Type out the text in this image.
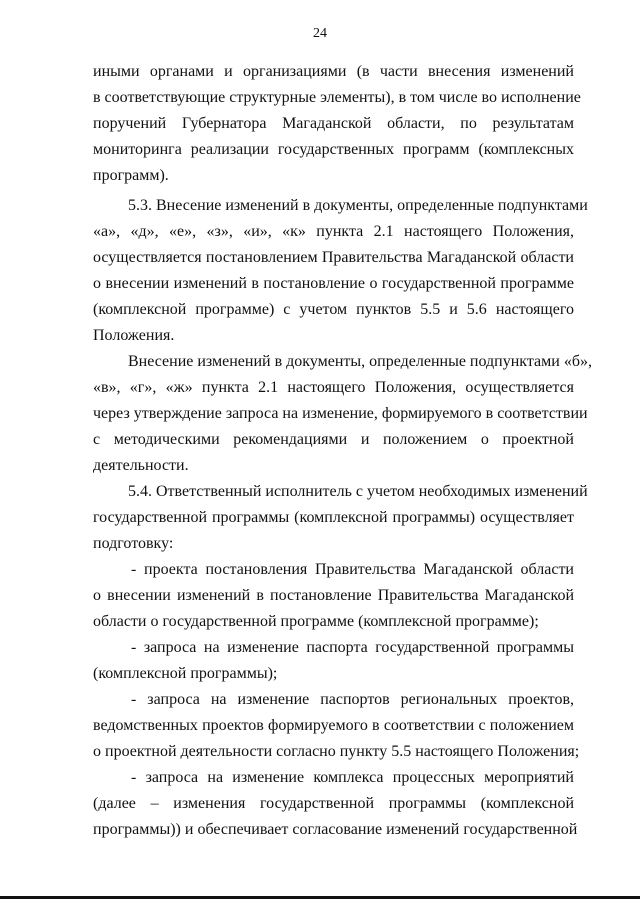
24
иными органами и организациями (в части внесения изменений
в соответствующие структурные элементы), в том числе во исполнение
поручений Губернатора Магаданской области, по результатам
мониторинга реализации государственных программ (комплексных
программ).
5.3. Внесение изменений в документы, определенные подпунктами
«а», «д», «е», «з», «и», «к» пункта 2.1 настоящего Положения,
осуществляется постановлением Правительства Магаданской области
о внесении изменений в постановление о государственной программе
(комплексной программе) с учетом пунктов 5.5 и 5.6 настоящего
Положения.
Внесение изменений в документы, определенные подпунктами «б»,
«в», «г», «ж» пункта 2.1 настоящего Положения, осуществляется
через утверждение запроса на изменение, формируемого в соответствии
с методическими рекомендациями и положением о проектной
деятельности.
5.4. Ответственный исполнитель с учетом необходимых изменений
государственной программы (комплексной программы) осуществляет
подготовку:
- проекта постановления Правительства Магаданской области
о внесении изменений в постановление Правительства Магаданской
области о государственной программе (комплексной программе);
- запроса на изменение паспорта государственной программы
(комплексной программы);
- запроса на изменение паспортов региональных проектов,
ведомственных проектов формируемого в соответствии с положением
о проектной деятельности согласно пункту 5.5 настоящего Положения;
- запроса на изменение комплекса процессных мероприятий
(далее – изменения государственной программы (комплексной
программы)) и обеспечивает согласование изменений государственной
